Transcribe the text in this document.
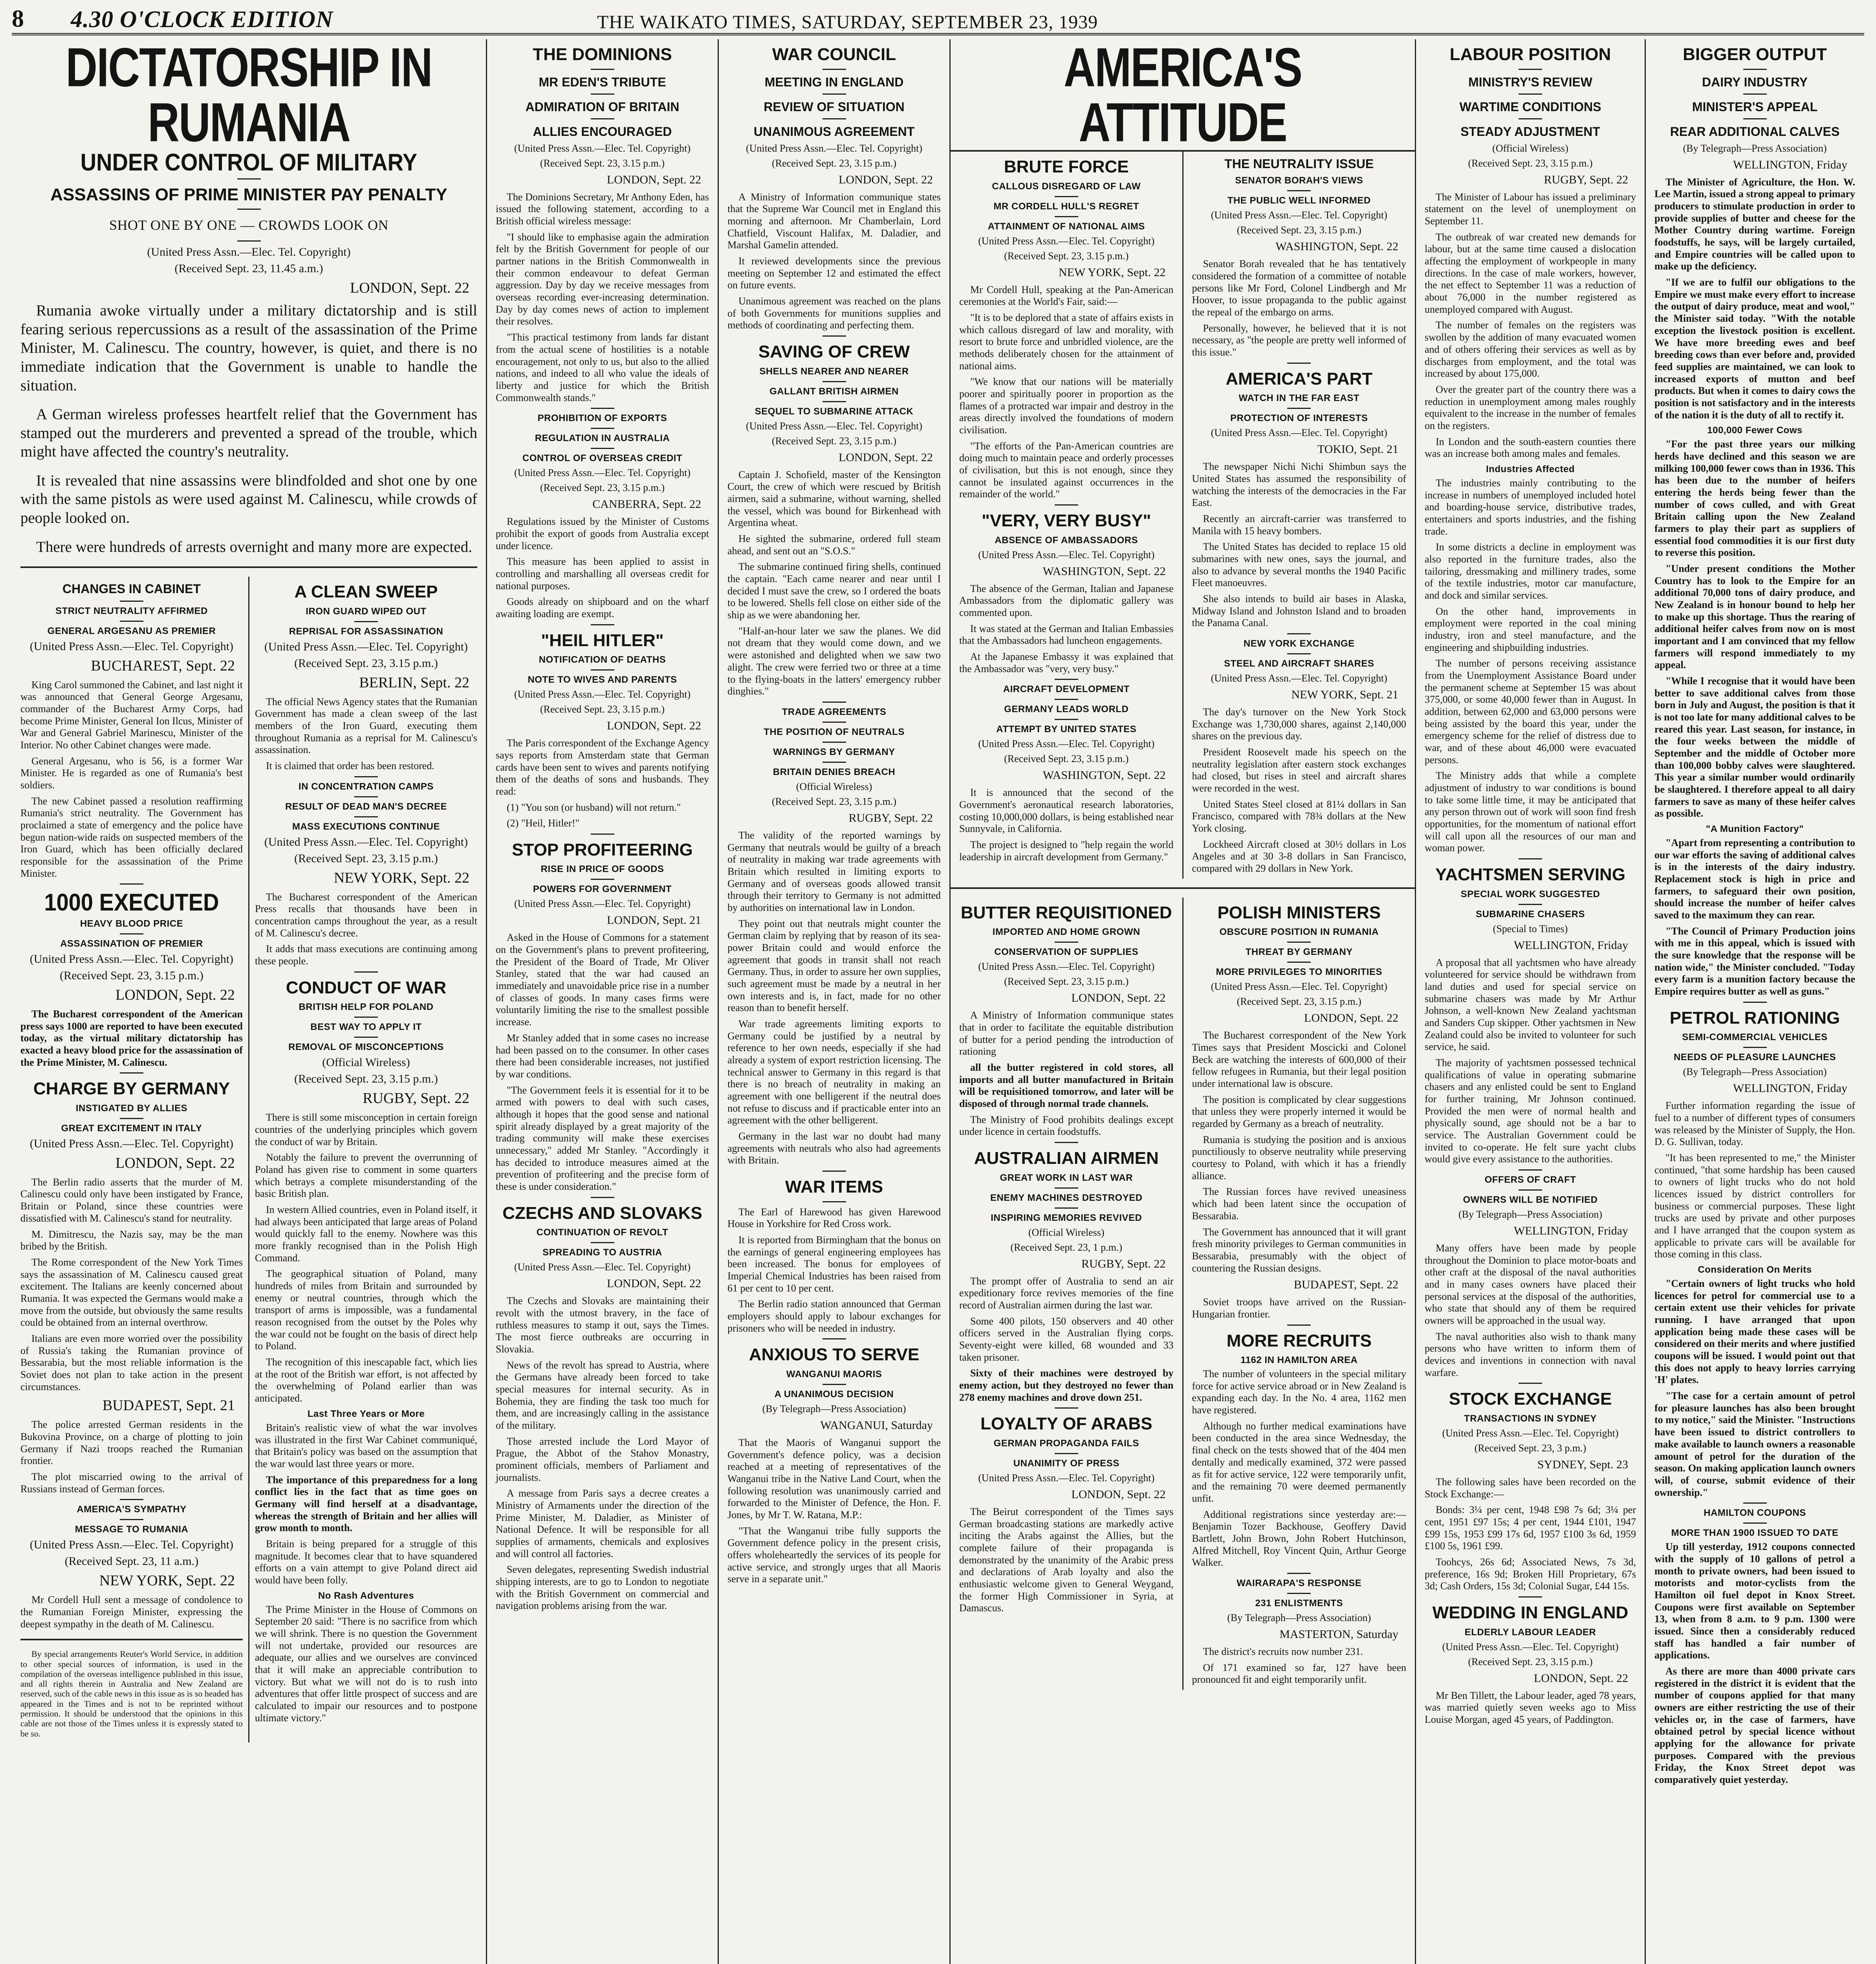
8	4.30 O'CLOCK EDITION	THE WAIKATO TIMES, SATURDAY, SEPTEMBER 23, 1939
DICTATORSHIP IN RUMANIA
UNDER CONTROL OF MILITARY
ASSASSINS OF PRIME MINISTER PAY PENALTY
SHOT ONE BY ONE — CROWDS LOOK ON
(United Press Assn.—Elec. Tel. Copyright)
(Received Sept. 23, 11.45 a.m.)
LONDON, Sept. 22

Rumania awoke virtually under a military dictatorship and is still fearing serious repercussions as a result of the assassination of the Prime Minister, M. Calinescu. The country, however, is quiet, and there is no immediate indication that the Government is unable to handle the situation.

A German wireless professes heartfelt relief that the Government has stamped out the murderers and prevented a spread of the trouble, which might have affected the country's neutrality.

It is revealed that nine assassins were blindfolded and shot one by one with the same pistols as were used against M. Calinescu, while crowds of people looked on.

There were hundreds of arrests overnight and many more are expected.

CHANGES IN CABINET
STRICT NEUTRALITY AFFIRMED
GENERAL ARGESANU AS PREMIER
(United Press Assn.—Elec. Tel. Copyright)
BUCHAREST, Sept. 22

King Carol summoned the Cabinet, and last night it was announced that General George Argesanu, commander of the Bucharest Army Corps, had become Prime Minister, General Ion Ilcus, Minister of War and General Gabriel Marinescu, Minister of the Interior. No other Cabinet changes were made.

General Argesanu, who is 56, is a former War Minister. He is regarded as one of Rumania's best soldiers.

The new Cabinet passed a resolution reaffirming Rumania's strict neutrality. The Government has proclaimed a state of emergency and the police have begun nation-wide raids on suspected members of the Iron Guard, which has been officially declared responsible for the assassination of the Prime Minister.

1000 EXECUTED
HEAVY BLOOD PRICE
ASSASSINATION OF PREMIER
(United Press Assn.—Elec. Tel. Copyright)
(Received Sept. 23, 3.15 p.m.)
LONDON, Sept. 22

The Bucharest correspondent of the American press says 1000 are reported to have been executed today, as the virtual military dictatorship has exacted a heavy blood price for the assassination of the Prime Minister, M. Calinescu.

CHARGE BY GERMANY
INSTIGATED BY ALLIES
GREAT EXCITEMENT IN ITALY
(United Press Assn.—Elec. Tel. Copyright)
LONDON, Sept. 22

The Berlin radio asserts that the murder of M. Calinescu could only have been instigated by France, Britain or Poland, since these countries were dissatisfied with M. Calinescu's stand for neutrality.

M. Dimitrescu, the Nazis say, may be the man bribed by the British.

The Rome correspondent of the New York Times says the assassination of M. Calinescu caused great excitement. The Italians are keenly concerned about Rumania. It was expected the Germans would make a move from the outside, but obviously the same results could be obtained from an internal overthrow.

Italians are even more worried over the possibility of Russia's taking the Rumanian province of Bessarabia, but the most reliable information is the Soviet does not plan to take action in the present circumstances.

BUDAPEST, Sept. 21

The police arrested German residents in the Bukovina Province, on a charge of plotting to join Germany if Nazi troops reached the Rumanian frontier.

The plot miscarried owing to the arrival of Russians instead of German forces.

AMERICA'S SYMPATHY
MESSAGE TO RUMANIA
(United Press Assn.—Elec. Tel. Copyright)
(Received Sept. 23, 11 a.m.)
NEW YORK, Sept. 22

Mr Cordell Hull sent a message of condolence to the Rumanian Foreign Minister, expressing the deepest sympathy in the death of M. Calinescu.

By special arrangements Reuter's World Service, in addition to other special sources of information, is used in the compilation of the overseas intelligence published in this issue, and all rights therein in Australia and New Zealand are reserved, such of the cable news in this issue as is so headed has appeared in the Times and is not to be reprinted without permission. It should be understood that the opinions in this cable are not those of the Times unless it is expressly stated to be so.

A CLEAN SWEEP
IRON GUARD WIPED OUT
REPRISAL FOR ASSASSINATION
(United Press Assn.—Elec. Tel. Copyright)
(Received Sept. 23, 3.15 p.m.)
BERLIN, Sept. 22

The official News Agency states that the Rumanian Government has made a clean sweep of the last members of the Iron Guard, executing them throughout Rumania as a reprisal for M. Calinescu's assassination.

It is claimed that order has been restored.

IN CONCENTRATION CAMPS
RESULT OF DEAD MAN'S DECREE
MASS EXECUTIONS CONTINUE
(United Press Assn.—Elec. Tel. Copyright)
(Received Sept. 23, 3.15 p.m.)
NEW YORK, Sept. 22

The Bucharest correspondent of the American Press recalls that thousands have been in concentration camps throughout the year, as a result of M. Calinescu's decree.

It adds that mass executions are continuing among these people.

CONDUCT OF WAR
BRITISH HELP FOR POLAND
BEST WAY TO APPLY IT
REMOVAL OF MISCONCEPTIONS
(Official Wireless)
(Received Sept. 23, 3.15 p.m.)
RUGBY, Sept. 22

There is still some misconception in certain foreign countries of the underlying principles which govern the conduct of war by Britain.

Notably the failure to prevent the overrunning of Poland has given rise to comment in some quarters which betrays a complete misunderstanding of the basic British plan.

In western Allied countries, even in Poland itself, it had always been anticipated that large areas of Poland would quickly fall to the enemy. Nowhere was this more frankly recognised than in the Polish High Command.

The geographical situation of Poland, many hundreds of miles from Britain and surrounded by enemy or neutral countries, through which the transport of arms is impossible, was a fundamental reason recognised from the outset by the Poles why the war could not be fought on the basis of direct help to Poland.

The recognition of this inescapable fact, which lies at the root of the British war effort, is not affected by the overwhelming of Poland earlier than was anticipated.

Last Three Years or More

Britain's realistic view of what the war involves was illustrated in the first War Cabinet communiqué, that Britain's policy was based on the assumption that the war would last three years or more.

The importance of this preparedness for a long conflict lies in the fact that as time goes on Germany will find herself at a disadvantage, whereas the strength of Britain and her allies will grow month to month.

Britain is being prepared for a struggle of this magnitude. It becomes clear that to have squandered efforts on a vain attempt to give Poland direct aid would have been folly.

No Rash Adventures

The Prime Minister in the House of Commons on September 20 said: "There is no sacrifice from which we will shrink. There is no question the Government will not undertake, provided our resources are adequate, our allies and we ourselves are convinced that it will make an appreciable contribution to victory. But what we will not do is to rush into adventures that offer little prospect of success and are calculated to impair our resources and to postpone ultimate victory."

THE DOMINIONS
MR EDEN'S TRIBUTE
ADMIRATION OF BRITAIN
ALLIES ENCOURAGED
(United Press Assn.—Elec. Tel. Copyright)
(Received Sept. 23, 3.15 p.m.)
LONDON, Sept. 22

The Dominions Secretary, Mr Anthony Eden, has issued the following statement, according to a British official wireless message:

"I should like to emphasise again the admiration felt by the British Government for people of our partner nations in the British Commonwealth in their common endeavour to defeat German aggression. Day by day we receive messages from overseas recording ever-increasing determination. Day by day comes news of action to implement their resolves.

"This practical testimony from lands far distant from the actual scene of hostilities is a notable encouragement, not only to us, but also to the allied nations, and indeed to all who value the ideals of liberty and justice for which the British Commonwealth stands."

PROHIBITION OF EXPORTS
REGULATION IN AUSTRALIA
CONTROL OF OVERSEAS CREDIT
(United Press Assn.—Elec. Tel. Copyright)
(Received Sept. 23, 3.15 p.m.)
CANBERRA, Sept. 22

Regulations issued by the Minister of Customs prohibit the export of goods from Australia except under licence.

This measure has been applied to assist in controlling and marshalling all overseas credit for national purposes.

Goods already on shipboard and on the wharf awaiting loading are exempt.

"HEIL HITLER"
NOTIFICATION OF DEATHS
NOTE TO WIVES AND PARENTS
(United Press Assn.—Elec. Tel. Copyright)
(Received Sept. 23, 3.15 p.m.)
LONDON, Sept. 22

The Paris correspondent of the Exchange Agency says reports from Amsterdam state that German cards have been sent to wives and parents notifying them of the deaths of sons and husbands. They read:

(1) "You son (or husband) will not return."

(2) "Heil, Hitler!"

STOP PROFITEERING
RISE IN PRICE OF GOODS
POWERS FOR GOVERNMENT
(United Press Assn.—Elec. Tel. Copyright)
LONDON, Sept. 21

Asked in the House of Commons for a statement on the Government's plans to prevent profiteering, the President of the Board of Trade, Mr Oliver Stanley, stated that the war had caused an immediately and unavoidable price rise in a number of classes of goods. In many cases firms were voluntarily limiting the rise to the smallest possible increase.

Mr Stanley added that in some cases no increase had been passed on to the consumer. In other cases there had been considerable increases, not justified by war conditions.

"The Government feels it is essential for it to be armed with powers to deal with such cases, although it hopes that the good sense and national spirit already displayed by a great majority of the trading community will make these exercises unnecessary," added Mr Stanley. "Accordingly it has decided to introduce measures aimed at the prevention of profiteering and the precise form of these is under consideration."

CZECHS AND SLOVAKS
CONTINUATION OF REVOLT
SPREADING TO AUSTRIA
(United Press Assn.—Elec. Tel. Copyright)
LONDON, Sept. 22

The Czechs and Slovaks are maintaining their revolt with the utmost bravery, in the face of ruthless measures to stamp it out, says the Times. The most fierce outbreaks are occurring in Slovakia.

News of the revolt has spread to Austria, where the Germans have already been forced to take special measures for internal security. As in Bohemia, they are finding the task too much for them, and are increasingly calling in the assistance of the military.

Those arrested include the Lord Mayor of Prague, the Abbot of the Stahov Monastry, prominent officials, members of Parliament and journalists.

A message from Paris says a decree creates a Ministry of Armaments under the direction of the Prime Minister, M. Daladier, as Minister of National Defence. It will be responsible for all supplies of armaments, chemicals and explosives and will control all factories.

Seven delegates, representing Swedish industrial shipping interests, are to go to London to negotiate with the British Government on commercial and navigation problems arising from the war.

WAR COUNCIL
MEETING IN ENGLAND
REVIEW OF SITUATION
UNANIMOUS AGREEMENT
(United Press Assn.—Elec. Tel. Copyright)
(Received Sept. 23, 3.15 p.m.)
LONDON, Sept. 22

A Ministry of Information communique states that the Supreme War Council met in England this morning and afternoon. Mr Chamberlain, Lord Chatfield, Viscount Halifax, M. Daladier, and Marshal Gamelin attended.

It reviewed developments since the previous meeting on September 12 and estimated the effect on future events.

Unanimous agreement was reached on the plans of both Governments for munitions supplies and methods of coordinating and perfecting them.

SAVING OF CREW
SHELLS NEARER AND NEARER
GALLANT BRITISH AIRMEN
SEQUEL TO SUBMARINE ATTACK
(United Press Assn.—Elec. Tel. Copyright)
(Received Sept. 23, 3.15 p.m.)
LONDON, Sept. 22

Captain J. Schofield, master of the Kensington Court, the crew of which were rescued by British airmen, said a submarine, without warning, shelled the vessel, which was bound for Birkenhead with Argentina wheat.

He sighted the submarine, ordered full steam ahead, and sent out an "S.O.S."

The submarine continued firing shells, continued the captain. "Each came nearer and near until I decided I must save the crew, so I ordered the boats to be lowered. Shells fell close on either side of the ship as we were abandoning her.

"Half-an-hour later we saw the planes. We did not dream that they would come down, and we were astonished and delighted when we saw two alight. The crew were ferried two or three at a time to the flying-boats in the latters' emergency rubber dinghies."

TRADE AGREEMENTS
THE POSITION OF NEUTRALS
WARNINGS BY GERMANY
BRITAIN DENIES BREACH
(Official Wireless)
(Received Sept. 23, 3.15 p.m.)
RUGBY, Sept. 22

The validity of the reported warnings by Germany that neutrals would be guilty of a breach of neutrality in making war trade agreements with Britain which resulted in limiting exports to Germany and of overseas goods allowed transit through their territory to Germany is not admitted by authorities on international law in London.

They point out that neutrals might counter the German claim by replying that by reason of its sea-power Britain could and would enforce the agreement that goods in transit shall not reach Germany. Thus, in order to assure her own supplies, such agreement must be made by a neutral in her own interests and is, in fact, made for no other reason than to benefit herself.

War trade agreements limiting exports to Germany could be justified by a neutral by reference to her own needs, especially if she had already a system of export restriction licensing. The technical answer to Germany in this regard is that there is no breach of neutrality in making an agreement with one belligerent if the neutral does not refuse to discuss and if practicable enter into an agreement with the other belligerent.

Germany in the last war no doubt had many agreements with neutrals who also had agreements with Britain.

WAR ITEMS

The Earl of Harewood has given Harewood House in Yorkshire for Red Cross work.

It is reported from Birmingham that the bonus on the earnings of general engineering employees has been increased. The bonus for employees of Imperial Chemical Industries has been raised from 61 per cent to 10 per cent.

The Berlin radio station announced that German employers should apply to labour exchanges for prisoners who will be needed in industry.

ANXIOUS TO SERVE
WANGANUI MAORIS
A UNANIMOUS DECISION
(By Telegraph—Press Association)
WANGANUI, Saturday

That the Maoris of Wanganui support the Government's defence policy, was a decision reached at a meeting of representatives of the Wanganui tribe in the Native Land Court, when the following resolution was unanimously carried and forwarded to the Minister of Defence, the Hon. F. Jones, by Mr T. W. Ratana, M.P.:

"That the Wanganui tribe fully supports the Government defence policy in the present crisis, offers wholeheartedly the services of its people for active service, and strongly urges that all Maoris serve in a separate unit."

AMERICA'S ATTITUDE
BRUTE FORCE
CALLOUS DISREGARD OF LAW
MR CORDELL HULL'S REGRET
ATTAINMENT OF NATIONAL AIMS
(United Press Assn.—Elec. Tel. Copyright)
(Received Sept. 23, 3.15 p.m.)
NEW YORK, Sept. 22

Mr Cordell Hull, speaking at the Pan-American ceremonies at the World's Fair, said:—

"It is to be deplored that a state of affairs exists in which callous disregard of law and morality, with resort to brute force and unbridled violence, are the methods deliberately chosen for the attainment of national aims.

"We know that our nations will be materially poorer and spiritually poorer in proportion as the flames of a protracted war impair and destroy in the areas directly involved the foundations of modern civilisation.

"The efforts of the Pan-American countries are doing much to maintain peace and orderly processes of civilisation, but this is not enough, since they cannot be insulated against occurrences in the remainder of the world."

"VERY, VERY BUSY"
ABSENCE OF AMBASSADORS
(United Press Assn.—Elec. Tel. Copyright)
WASHINGTON, Sept. 22

The absence of the German, Italian and Japanese Ambassadors from the diplomatic gallery was commented upon.

It was stated at the German and Italian Embassies that the Ambassadors had luncheon engagements.

At the Japanese Embassy it was explained that the Ambassador was "very, very busy."

AIRCRAFT DEVELOPMENT
GERMANY LEADS WORLD
ATTEMPT BY UNITED STATES
(United Press Assn.—Elec. Tel. Copyright)
(Received Sept. 23, 3.15 p.m.)
WASHINGTON, Sept. 22

It is announced that the second of the Government's aeronautical research laboratories, costing 10,000,000 dollars, is being established near Sunnyvale, in California.

The project is designed to "help regain the world leadership in aircraft development from Germany."

THE NEUTRALITY ISSUE
SENATOR BORAH'S VIEWS
THE PUBLIC WELL INFORMED
(United Press Assn.—Elec. Tel. Copyright)
(Received Sept. 23, 3.15 p.m.)
WASHINGTON, Sept. 22

Senator Borah revealed that he has tentatively considered the formation of a committee of notable persons like Mr Ford, Colonel Lindbergh and Mr Hoover, to issue propaganda to the public against the repeal of the embargo on arms.

Personally, however, he believed that it is not necessary, as "the people are pretty well informed of this issue."

AMERICA'S PART
WATCH IN THE FAR EAST
PROTECTION OF INTERESTS
(United Press Assn.—Elec. Tel. Copyright)
TOKIO, Sept. 21

The newspaper Nichi Nichi Shimbun says the United States has assumed the responsibility of watching the interests of the democracies in the Far East.

Recently an aircraft-carrier was transferred to Manila with 15 heavy bombers.

The United States has decided to replace 15 old submarines with new ones, says the journal, and also to advance by several months the 1940 Pacific Fleet manoeuvres.

She also intends to build air bases in Alaska, Midway Island and Johnston Island and to broaden the Panama Canal.

NEW YORK EXCHANGE
STEEL AND AIRCRAFT SHARES
(United Press Assn.—Elec. Tel. Copyright)
NEW YORK, Sept. 21

The day's turnover on the New York Stock Exchange was 1,730,000 shares, against 2,140,000 shares on the previous day.

President Roosevelt made his speech on the neutrality legislation after eastern stock exchanges had closed, but rises in steel and aircraft shares were recorded in the west.

United States Steel closed at 81¼ dollars in San Francisco, compared with 78¾ dollars at the New York closing.

Lockheed Aircraft closed at 30½ dollars in Los Angeles and at 30 3-8 dollars in San Francisco, compared with 29 dollars in New York.

BUTTER REQUISITIONED
IMPORTED AND HOME GROWN
CONSERVATION OF SUPPLIES
(United Press Assn.—Elec. Tel. Copyright)
(Received Sept. 23, 3.15 p.m.)
LONDON, Sept. 22

A Ministry of Information communique states that in order to facilitate the equitable distribution of butter for a period pending the introduction of rationing

all the butter registered in cold stores, all imports and all butter manufactured in Britain will be requisitioned tomorrow, and later will be disposed of through normal trade channels.

The Ministry of Food prohibits dealings except under licence in certain foodstuffs.

AUSTRALIAN AIRMEN
GREAT WORK IN LAST WAR
ENEMY MACHINES DESTROYED
INSPIRING MEMORIES REVIVED
(Official Wireless)
(Received Sept. 23, 1 p.m.)
RUGBY, Sept. 22

The prompt offer of Australia to send an air expeditionary force revives memories of the fine record of Australian airmen during the last war.

Some 400 pilots, 150 observers and 40 other officers served in the Australian flying corps. Seventy-eight were killed, 68 wounded and 33 taken prisoner.

Sixty of their machines were destroyed by enemy action, but they destroyed no fewer than 278 enemy machines and drove down 251.

LOYALTY OF ARABS
GERMAN PROPAGANDA FAILS
UNANIMITY OF PRESS
(United Press Assn.—Elec. Tel. Copyright)
LONDON, Sept. 22

The Beirut correspondent of the Times says German broadcasting stations are markedly active inciting the Arabs against the Allies, but the complete failure of their propaganda is demonstrated by the unanimity of the Arabic press and declarations of Arab loyalty and also the enthusiastic welcome given to General Weygand, the former High Commissioner in Syria, at Damascus.

POLISH MINISTERS
OBSCURE POSITION IN RUMANIA
THREAT BY GERMANY
MORE PRIVILEGES TO MINORITIES
(United Press Assn.—Elec. Tel. Copyright)
(Received Sept. 23, 3.15 p.m.)
LONDON, Sept. 22

The Bucharest correspondent of the New York Times says that President Moscicki and Colonel Beck are watching the interests of 600,000 of their fellow refugees in Rumania, but their legal position under international law is obscure.

The position is complicated by clear suggestions that unless they were properly interned it would be regarded by Germany as a breach of neutrality.

Rumania is studying the position and is anxious punctiliously to observe neutrality while preserving courtesy to Poland, with which it has a friendly alliance.

The Russian forces have revived uneasiness which had been latent since the occupation of Bessarabia.

The Government has announced that it will grant fresh minority privileges to German communities in Bessarabia, presumably with the object of countering the Russian designs.

BUDAPEST, Sept. 22

Soviet troops have arrived on the Russian-Hungarian frontier.

MORE RECRUITS
1162 IN HAMILTON AREA

The number of volunteers in the special military force for active service abroad or in New Zealand is expanding each day. In the No. 4 area, 1162 men have registered.

Although no further medical examinations have been conducted in the area since Wednesday, the final check on the tests showed that of the 404 men dentally and medically examined, 372 were passed as fit for active service, 122 were temporarily unfit, and the remaining 70 were deemed permanently unfit.

Additional registrations since yesterday are:—Benjamin Tozer Backhouse, Geoffery David Bartlett, John Brown, John Robert Hutchinson, Alfred Mitchell, Roy Vincent Quin, Arthur George Walker.

WAIRARAPA'S RESPONSE
231 ENLISTMENTS
(By Telegraph—Press Association)
MASTERTON, Saturday

The district's recruits now number 231.

Of 171 examined so far, 127 have been pronounced fit and eight temporarily unfit.

LABOUR POSITION
MINISTRY'S REVIEW
WARTIME CONDITIONS
STEADY ADJUSTMENT
(Official Wireless)
(Received Sept. 23, 3.15 p.m.)
RUGBY, Sept. 22

The Minister of Labour has issued a preliminary statement on the level of unemployment on September 11.

The outbreak of war created new demands for labour, but at the same time caused a dislocation affecting the employment of workpeople in many directions. In the case of male workers, however, the net effect to September 11 was a reduction of about 76,000 in the number registered as unemployed compared with August.

The number of females on the registers was swollen by the addition of many evacuated women and of others offering their services as well as by discharges from employment, and the total was increased by about 175,000.

Over the greater part of the country there was a reduction in unemployment among males roughly equivalent to the increase in the number of females on the registers.

In London and the south-eastern counties there was an increase both among males and females.

Industries Affected

The industries mainly contributing to the increase in numbers of unemployed included hotel and boarding-house service, distributive trades, entertainers and sports industries, and the fishing trade.

In some districts a decline in employment was also reported in the furniture trades, also the tailoring, dressmaking and millinery trades, some of the textile industries, motor car manufacture, and dock and similar services.

On the other hand, improvements in employment were reported in the coal mining industry, iron and steel manufacture, and the engineering and shipbuilding industries.

The number of persons receiving assistance from the Unemployment Assistance Board under the permanent scheme at September 15 was about 375,000, or some 40,000 fewer than in August. In addition, between 62,000 and 63,000 persons were being assisted by the board this year, under the emergency scheme for the relief of distress due to war, and of these about 46,000 were evacuated persons.

The Ministry adds that while a complete adjustment of industry to war conditions is bound to take some little time, it may be anticipated that any person thrown out of work will soon find fresh opportunities, for the momentum of national effort will call upon all the resources of our man and woman power.

YACHTSMEN SERVING
SPECIAL WORK SUGGESTED
SUBMARINE CHASERS
(Special to Times)
WELLINGTON, Friday

A proposal that all yachtsmen who have already volunteered for service should be withdrawn from land duties and used for special service on submarine chasers was made by Mr Arthur Johnson, a well-known New Zealand yachtsman and Sanders Cup skipper. Other yachtsmen in New Zealand could also be invited to volunteer for such service, he said.

The majority of yachtsmen possessed technical qualifications of value in operating submarine chasers and any enlisted could be sent to England for further training, Mr Johnson continued. Provided the men were of normal health and physically sound, age should not be a bar to service. The Australian Government could be invited to co-operate. He felt sure yacht clubs would give every assistance to the authorities.

OFFERS OF CRAFT
OWNERS WILL BE NOTIFIED
(By Telegraph—Press Association)
WELLINGTON, Friday

Many offers have been made by people throughout the Dominion to place motor-boats and other craft at the disposal of the naval authorities and in many cases owners have placed their personal services at the disposal of the authorities, who state that should any of them be required owners will be approached in the usual way.

The naval authorities also wish to thank many persons who have written to inform them of devices and inventions in connection with naval warfare.

STOCK EXCHANGE
TRANSACTIONS IN SYDNEY
(United Press Assn.—Elec. Tel. Copyright)
(Received Sept. 23, 3 p.m.)
SYDNEY, Sept. 23

The following sales have been recorded on the Stock Exchange:—

Bonds: 3¼ per cent, 1948 £98 7s 6d; 3¼ per cent, 1951 £97 15s; 4 per cent, 1944 £101, 1947 £99 15s, 1953 £99 17s 6d, 1957 £100 3s 6d, 1959 £100 5s, 1961 £99.

Toohcys, 26s 6d; Associated News, 7s 3d, preference, 16s 9d; Broken Hill Proprietary, 67s 3d; Cash Orders, 15s 3d; Colonial Sugar, £44 15s.

WEDDING IN ENGLAND
ELDERLY LABOUR LEADER
(United Press Assn.—Elec. Tel. Copyright)
(Received Sept. 23, 3.15 p.m.)
LONDON, Sept. 22

Mr Ben Tillett, the Labour leader, aged 78 years, was married quietly seven weeks ago to Miss Louise Morgan, aged 45 years, of Paddington.

BIGGER OUTPUT
DAIRY INDUSTRY
MINISTER'S APPEAL
REAR ADDITIONAL CALVES
(By Telegraph—Press Association)
WELLINGTON, Friday

The Minister of Agriculture, the Hon. W. Lee Martin, issued a strong appeal to primary producers to stimulate production in order to provide supplies of butter and cheese for the Mother Country during wartime. Foreign foodstuffs, he says, will be largely curtailed, and Empire countries will be called upon to make up the deficiency.

"If we are to fulfil our obligations to the Empire we must make every effort to increase the output of dairy produce, meat and wool," the Minister said today. "With the notable exception the livestock position is excellent. We have more breeding ewes and beef breeding cows than ever before and, provided feed supplies are maintained, we can look to increased exports of mutton and beef products. But when it comes to dairy cows the position is not satisfactory and in the interests of the nation it is the duty of all to rectify it.

100,000 Fewer Cows

"For the past three years our milking herds have declined and this season we are milking 100,000 fewer cows than in 1936. This has been due to the number of heifers entering the herds being fewer than the number of cows culled, and with Great Britain calling upon the New Zealand farmers to play their part as suppliers of essential food commodities it is our first duty to reverse this position.

"Under present conditions the Mother Country has to look to the Empire for an additional 70,000 tons of dairy produce, and New Zealand is in honour bound to help her to make up this shortage. Thus the rearing of additional heifer calves from now on is most important and I am convinced that my fellow farmers will respond immediately to my appeal.

"While I recognise that it would have been better to save additional calves from those born in July and August, the position is that it is not too late for many additional calves to be reared this year. Last season, for instance, in the four weeks between the middle of September and the middle of October more than 100,000 bobby calves were slaughtered. This year a similar number would ordinarily be slaughtered. I therefore appeal to all dairy farmers to save as many of these heifer calves as possible.

"A Munition Factory"

"Apart from representing a contribution to our war efforts the saving of additional calves is in the interests of the dairy industry. Replacement stock is high in price and farmers, to safeguard their own position, should increase the number of heifer calves saved to the maximum they can rear.

"The Council of Primary Production joins with me in this appeal, which is issued with the sure knowledge that the response will be nation wide," the Minister concluded. "Today every farm is a munition factory because the Empire requires butter as well as guns."

PETROL RATIONING
SEMI-COMMERCIAL VEHICLES
NEEDS OF PLEASURE LAUNCHES
(By Telegraph—Press Association)
WELLINGTON, Friday

Further information regarding the issue of fuel to a number of different types of consumers was released by the Minister of Supply, the Hon. D. G. Sullivan, today.

"It has been represented to me," the Minister continued, "that some hardship has been caused to owners of light trucks who do not hold licences issued by district controllers for business or commercial purposes. These light trucks are used by private and other purposes and I have arranged that the coupon system as applicable to private cars will be available for those coming in this class.

Consideration On Merits

"Certain owners of light trucks who hold licences for petrol for commercial use to a certain extent use their vehicles for private running. I have arranged that upon application being made these cases will be considered on their merits and where justified coupons will be issued. I would point out that this does not apply to heavy lorries carrying 'H' plates.

"The case for a certain amount of petrol for pleasure launches has also been brought to my notice," said the Minister. "Instructions have been issued to district controllers to make available to launch owners a reasonable amount of petrol for the duration of the season. On making application launch owners will, of course, submit evidence of their ownership."

HAMILTON COUPONS
MORE THAN 1900 ISSUED TO DATE

Up till yesterday, 1912 coupons connected with the supply of 10 gallons of petrol a month to private owners, had been issued to motorists and motor-cyclists from the Hamilton oil fuel depot in Knox Street. Coupons were first available on September 13, when from 8 a.m. to 9 p.m. 1300 were issued. Since then a considerably reduced staff has handled a fair number of applications.

As there are more than 4000 private cars registered in the district it is evident that the number of coupons applied for that many owners are either restricting the use of their vehicles or, in the case of farmers, have obtained petrol by special licence without applying for the allowance for private purposes. Compared with the previous Friday, the Knox Street depot was comparatively quiet yesterday.
